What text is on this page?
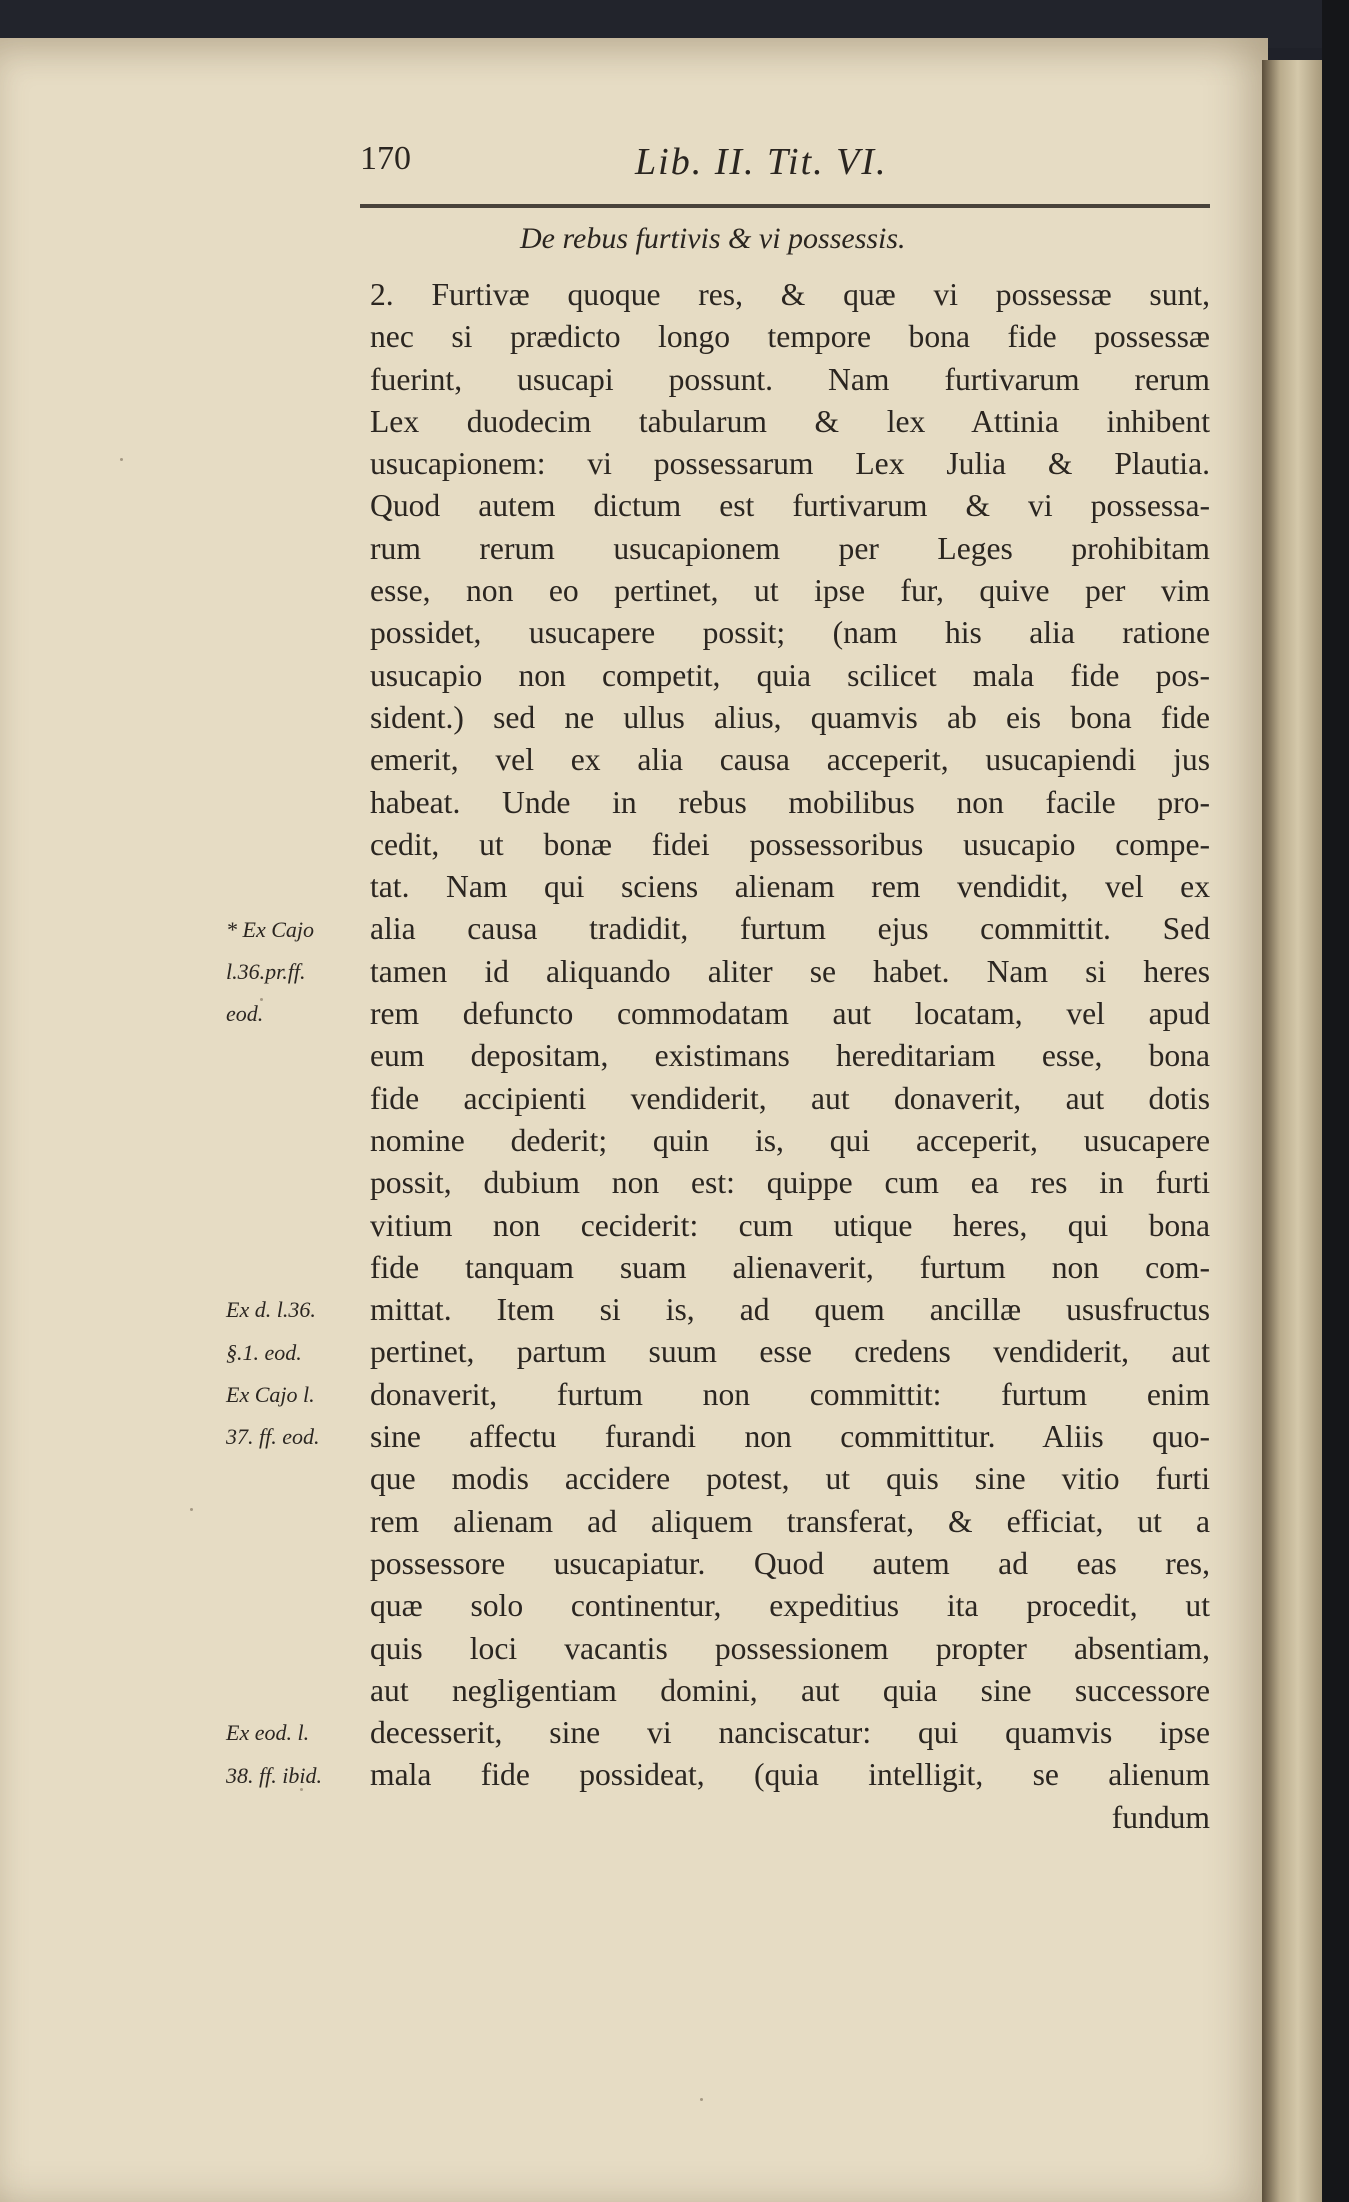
170	Lib. II. Tit. VI.
De rebus furtivis & vi possessis.
2. Furtivæ quoque res, & quæ vi possessæ sunt,
nec si prædicto longo tempore bona fide possessæ
fuerint, usucapi possunt. Nam furtivarum rerum
Lex duodecim tabularum & lex Attinia inhibent
usucapionem: vi possessarum Lex Julia & Plautia.
Quod autem dictum est furtivarum & vi possessa-
rum rerum usucapionem per Leges prohibitam
esse, non eo pertinet, ut ipse fur, quive per vim
possidet, usucapere possit; (nam his alia ratione
usucapio non competit, quia scilicet mala fide pos-
sident.) sed ne ullus alius, quamvis ab eis bona fide
emerit, vel ex alia causa acceperit, usucapiendi jus
habeat. Unde in rebus mobilibus non facile pro-
cedit, ut bonæ fidei possessoribus usucapio compe-
tat. Nam qui sciens alienam rem vendidit, vel ex
alia causa tradidit, furtum ejus committit. Sed
tamen id aliquando aliter se habet. Nam si heres
rem defuncto commodatam aut locatam, vel apud
eum depositam, existimans hereditariam esse, bona
fide accipienti vendiderit, aut donaverit, aut dotis
nomine dederit; quin is, qui acceperit, usucapere
possit, dubium non est: quippe cum ea res in furti
vitium non ceciderit: cum utique heres, qui bona
fide tanquam suam alienaverit, furtum non com-
mittat. Item si is, ad quem ancillæ ususfructus
pertinet, partum suum esse credens vendiderit, aut
donaverit, furtum non committit: furtum enim
sine affectu furandi non committitur. Aliis quo-
que modis accidere potest, ut quis sine vitio furti
rem alienam ad aliquem transferat, & efficiat, ut a
possessore usucapiatur. Quod autem ad eas res,
quæ solo continentur, expeditius ita procedit, ut
quis loci vacantis possessionem propter absentiam,
aut negligentiam domini, aut quia sine successore
decesserit, sine vi nanciscatur: qui quamvis ipse
mala fide possideat, (quia intelligit, se alienum
fundum
* Ex Cajo
l.36.pr.ff.
eod.
Ex d. l.36.
§.1. eod.
Ex Cajo l.
37. ff. eod.
Ex eod. l.
38. ff. ibid.
